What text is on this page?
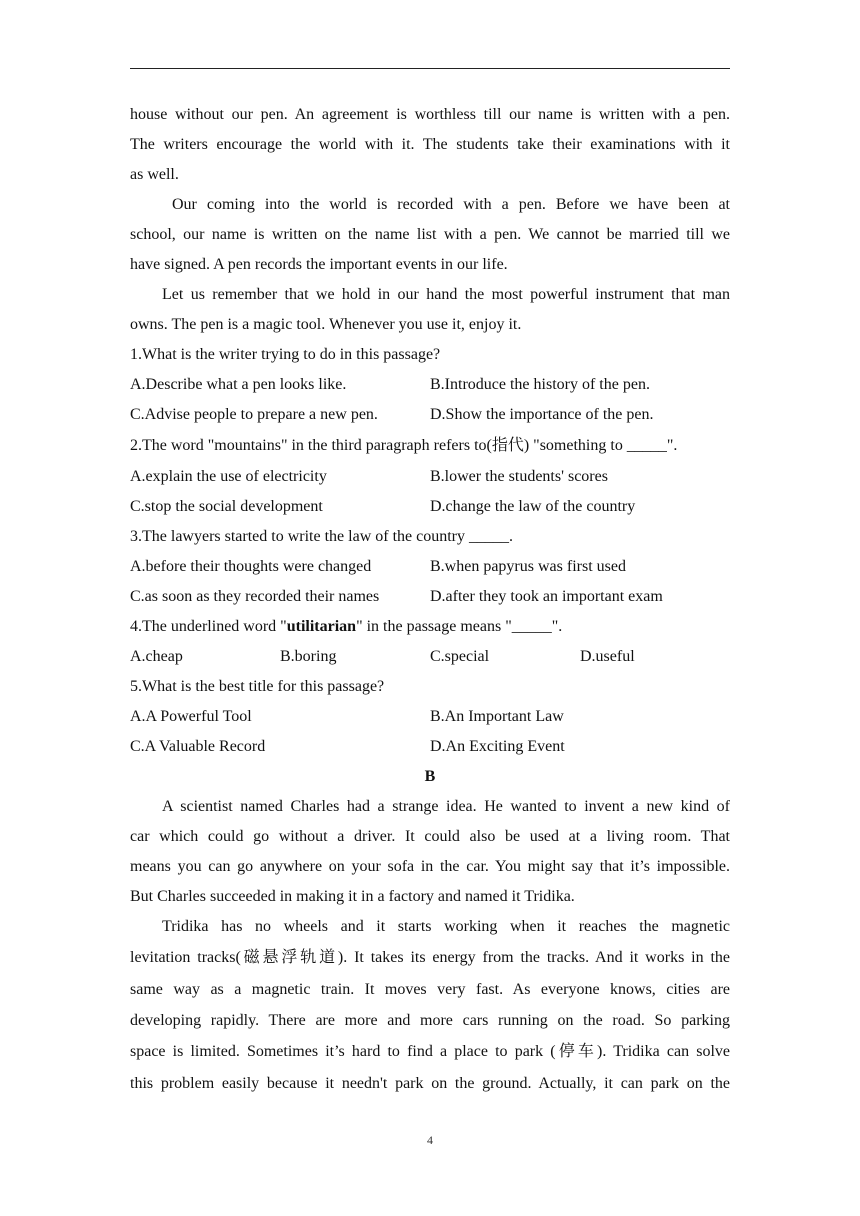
house without our pen. An agreement is worthless till our name is written with a pen.
The writers encourage the world with it. The students take their examinations with it
as well.
Our coming into the world is recorded with a pen. Before we have been at
school, our name is written on the name list with a pen. We cannot be married till we
have signed. A pen records the important events in our life.
Let us remember that we hold in our hand the most powerful instrument that man
owns. The pen is a magic tool. Whenever you use it, enjoy it.
1.What is the writer trying to do in this passage?
A.Describe what a pen looks like.	B.Introduce the history of the pen.
C.Advise people to prepare a new pen.	D.Show the importance of the pen.
2.The word "mountains" in the third paragraph refers to(指代) "something to _____".
A.explain the use of electricity	B.lower the students' scores
C.stop the social development	D.change the law of the country
3.The lawyers started to write the law of the country _____.
A.before their thoughts were changed	B.when papyrus was first used
C.as soon as they recorded their names	D.after they took an important exam
4.The underlined word "utilitarian" in the passage means "_____".
A.cheap	B.boring	C.special	D.useful
5.What is the best title for this passage?
A.A Powerful Tool	B.An Important Law
C.A Valuable Record	D.An Exciting Event
B
A scientist named Charles had a strange idea. He wanted to invent a new kind of
car which could go without a driver. It could also be used at a living room. That
means you can go anywhere on your sofa in the car. You might say that it’s impossible.
But Charles succeeded in making it in a factory and named it Tridika.
Tridika has no wheels and it starts working when it reaches the magnetic
levitation tracks(磁悬浮轨道). It takes its energy from the tracks. And it works in the
same way as a magnetic train. It moves very fast. As everyone knows, cities are
developing rapidly. There are more and more cars running on the road. So parking
space is limited. Sometimes it’s hard to find a place to park (停车). Tridika can solve
this problem easily because it needn't park on the ground. Actually, it can park on the
4
